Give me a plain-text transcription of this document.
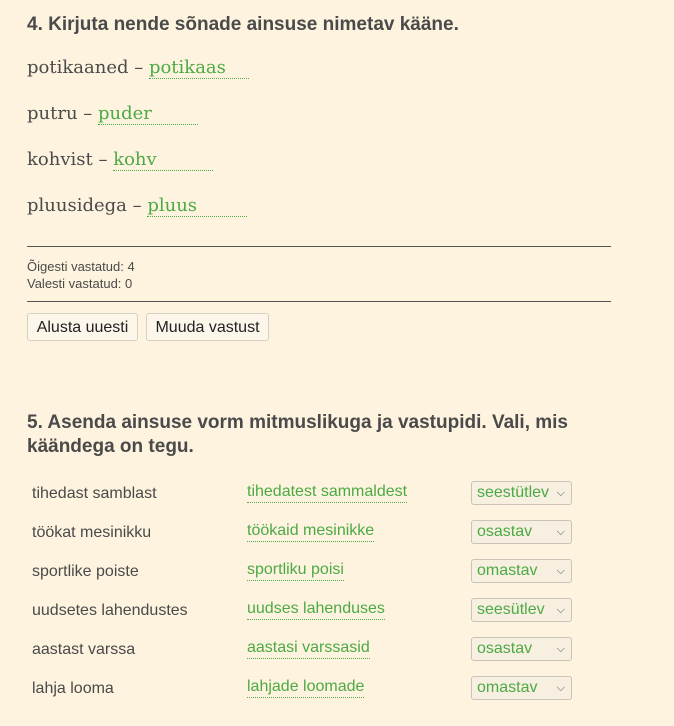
4. Kirjuta nende sõnade ainsuse nimetav kääne.
potikaaned – potikaas
putru – puder
kohvist – kohv
pluusidega – pluus
Õigesti vastatud: 4
Valesti vastatud: 0
Alusta uuesti	Muuda vastust
5. Asenda ainsuse vorm mitmuslikuga ja vastupidi. Vali, mis käändega on tegu.
tihedast samblast	tihedatest sammaldest	seestütlev ⌵
töökat mesinikku	töökaid mesinikke	osastav ⌵
sportlike poiste	sportliku poisi	omastav ⌵
uudsetes lahendustes	uudses lahenduses	seesütlev ⌵
aastast varssa	aastasi varssasid	osastav ⌵
lahja looma	lahjade loomade	omastav ⌵
